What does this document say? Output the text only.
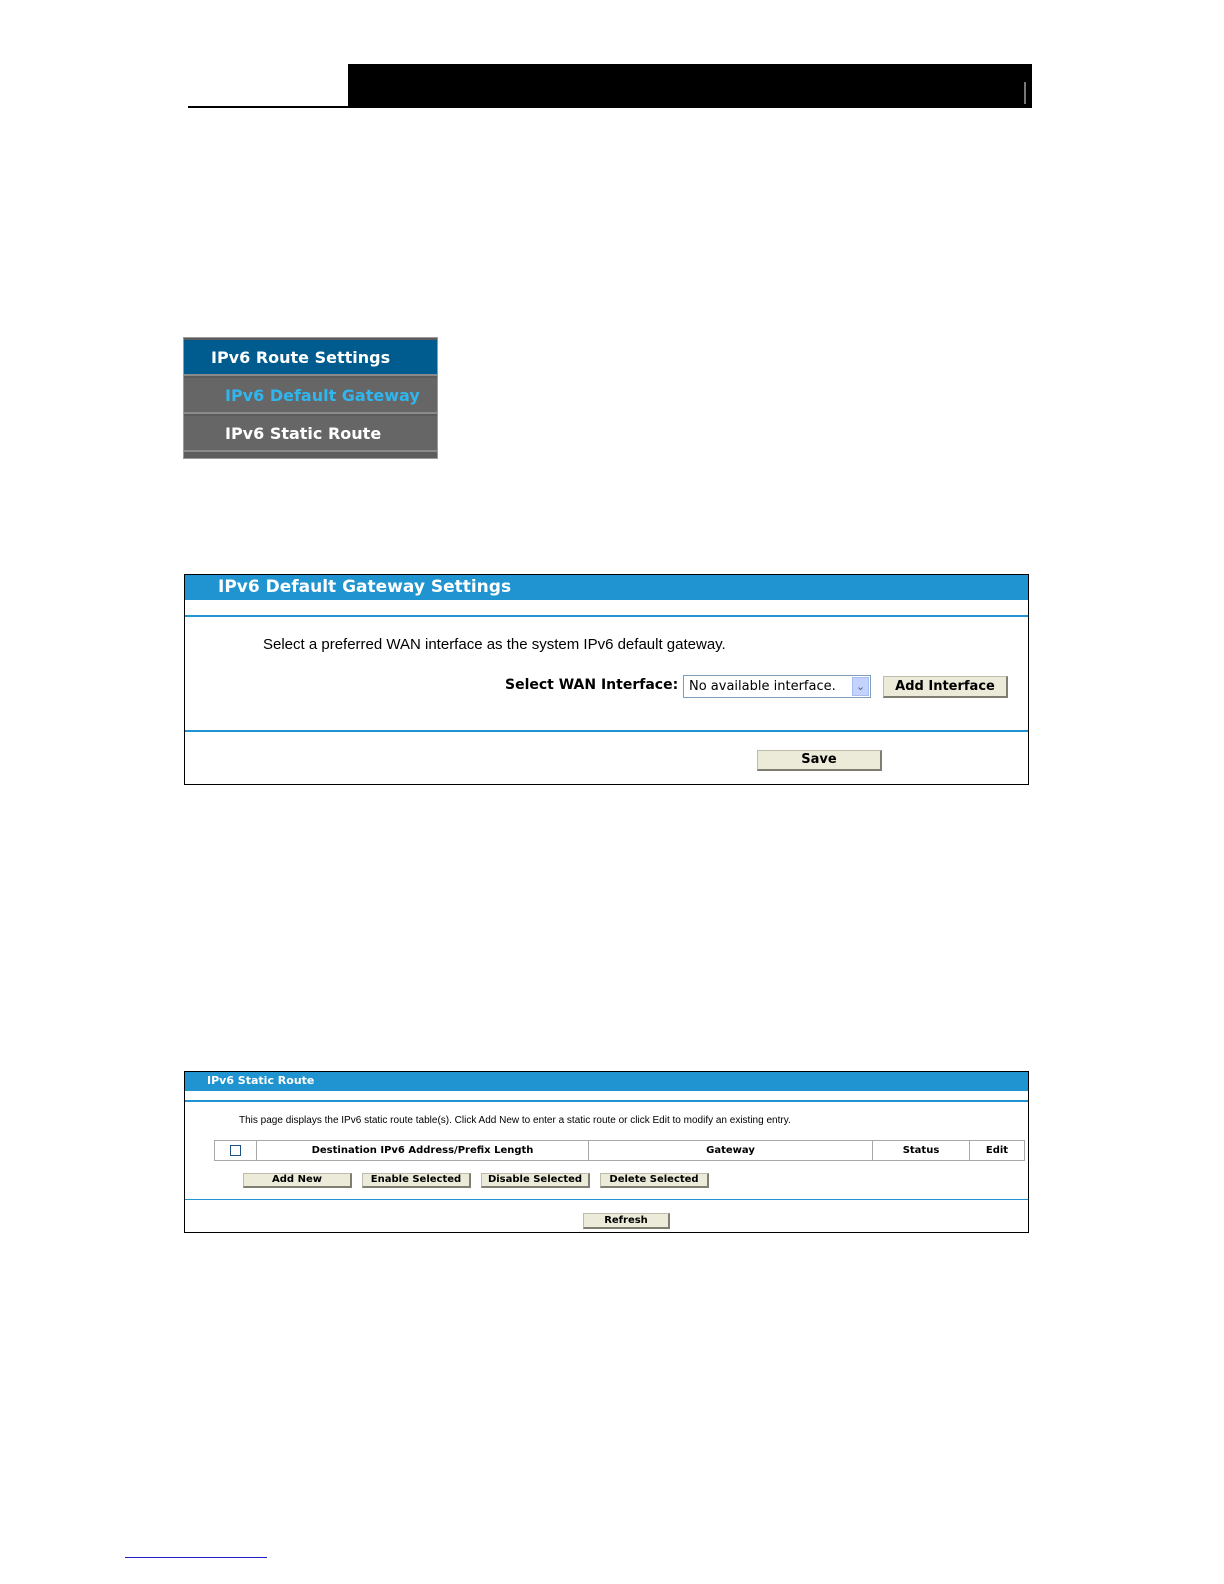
IPv6 Route Settings
IPv6 Default Gateway
IPv6 Static Route
IPv6 Default Gateway Settings
Select a preferred WAN interface as the system IPv6 default gateway.
Select WAN Interface: No available interface.	⌄	Add Interface
Save
IPv6 Static Route
This page displays the IPv6 static route table(s). Click Add New to enter a static route or click Edit to modify an existing entry.
	Destination IPv6 Address/Prefix Length	Gateway	Status	Edit
Add New	Enable Selected	Disable Selected	Delete Selected
Refresh
